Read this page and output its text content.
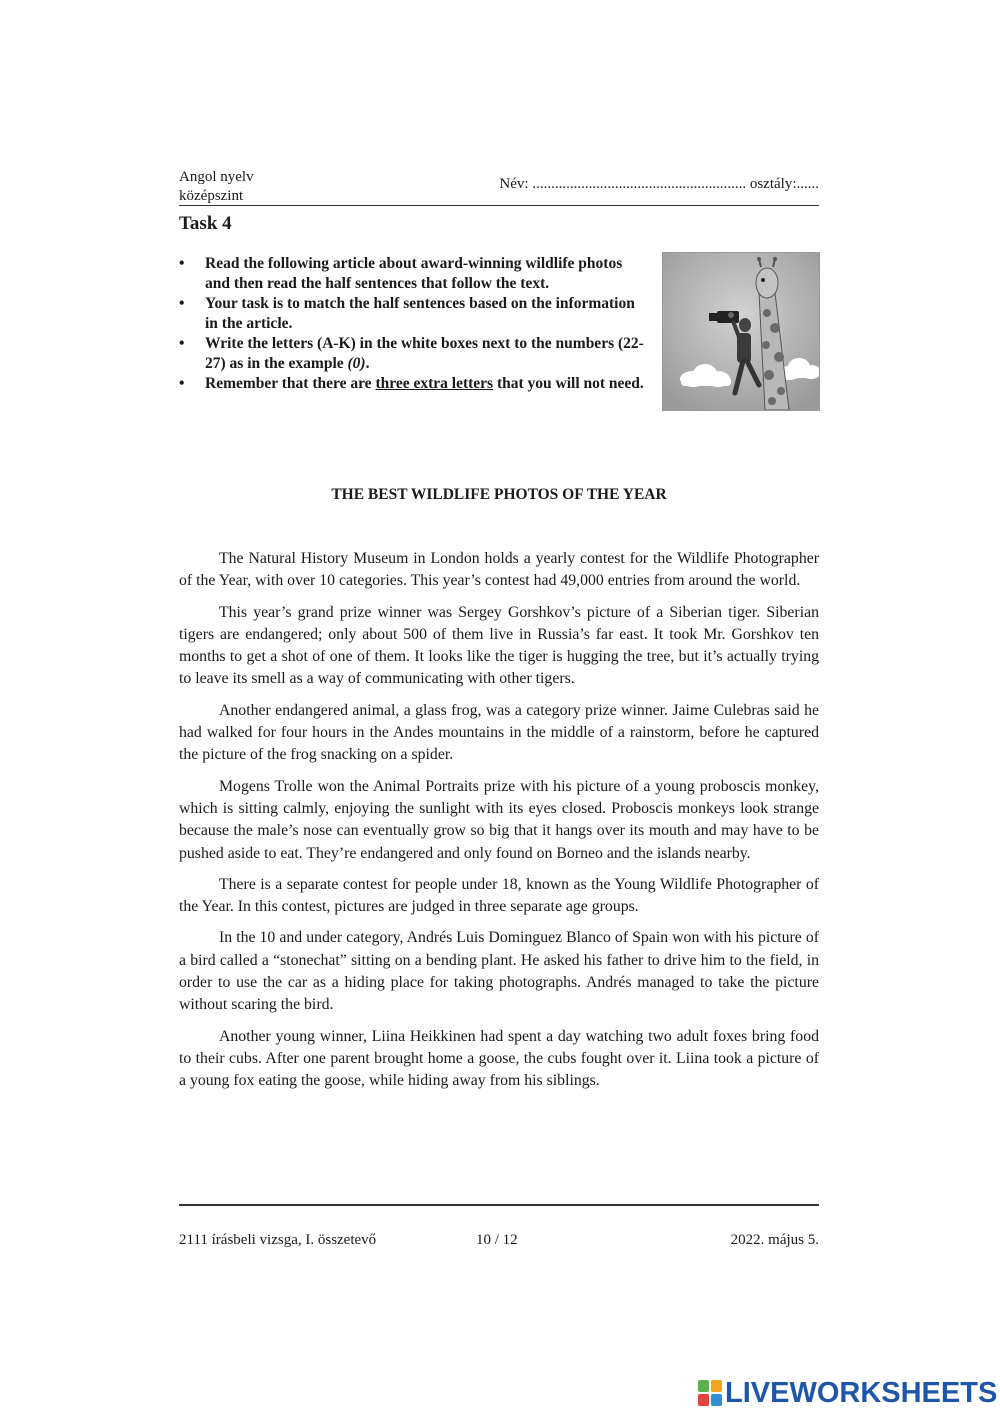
Angol nyelv
középszint
Név: ......................................................... osztály:......
Task 4
• Read the following article about award-winning wildlife photos and then read the half sentences that follow the text.
• Your task is to match the half sentences based on the information in the article.
• Write the letters (A-K) in the white boxes next to the numbers (22-27) as in the example (0).
• Remember that there are three extra letters that you will not need.
THE BEST WILDLIFE PHOTOS OF THE YEAR

The Natural History Museum in London holds a yearly contest for the Wildlife Photographer of the Year, with over 10 categories. This year’s contest had 49,000 entries from around the world.

This year’s grand prize winner was Sergey Gorshkov’s picture of a Siberian tiger. Siberian tigers are endangered; only about 500 of them live in Russia’s far east. It took Mr. Gorshkov ten months to get a shot of one of them. It looks like the tiger is hugging the tree, but it’s actually trying to leave its smell as a way of communicating with other tigers.

Another endangered animal, a glass frog, was a category prize winner. Jaime Culebras said he had walked for four hours in the Andes mountains in the middle of a rainstorm, before he captured the picture of the frog snacking on a spider.

Mogens Trolle won the Animal Portraits prize with his picture of a young proboscis monkey, which is sitting calmly, enjoying the sunlight with its eyes closed. Proboscis monkeys look strange because the male’s nose can eventually grow so big that it hangs over its mouth and may have to be pushed aside to eat. They’re endangered and only found on Borneo and the islands nearby.

There is a separate contest for people under 18, known as the Young Wildlife Photographer of the Year. In this contest, pictures are judged in three separate age groups.

In the 10 and under category, Andrés Luis Dominguez Blanco of Spain won with his picture of a bird called a “stonechat” sitting on a bending plant. He asked his father to drive him to the field, in order to use the car as a hiding place for taking photographs. Andrés managed to take the picture without scaring the bird.

Another young winner, Liina Heikkinen had spent a day watching two adult foxes bring food to their cubs. After one parent brought home a goose, the cubs fought over it. Liina took a picture of a young fox eating the goose, while hiding away from his siblings.

2111 írásbeli vizsga, I. összetevő	10 / 12	2022. május 5.
LIVEWORKSHEETS
